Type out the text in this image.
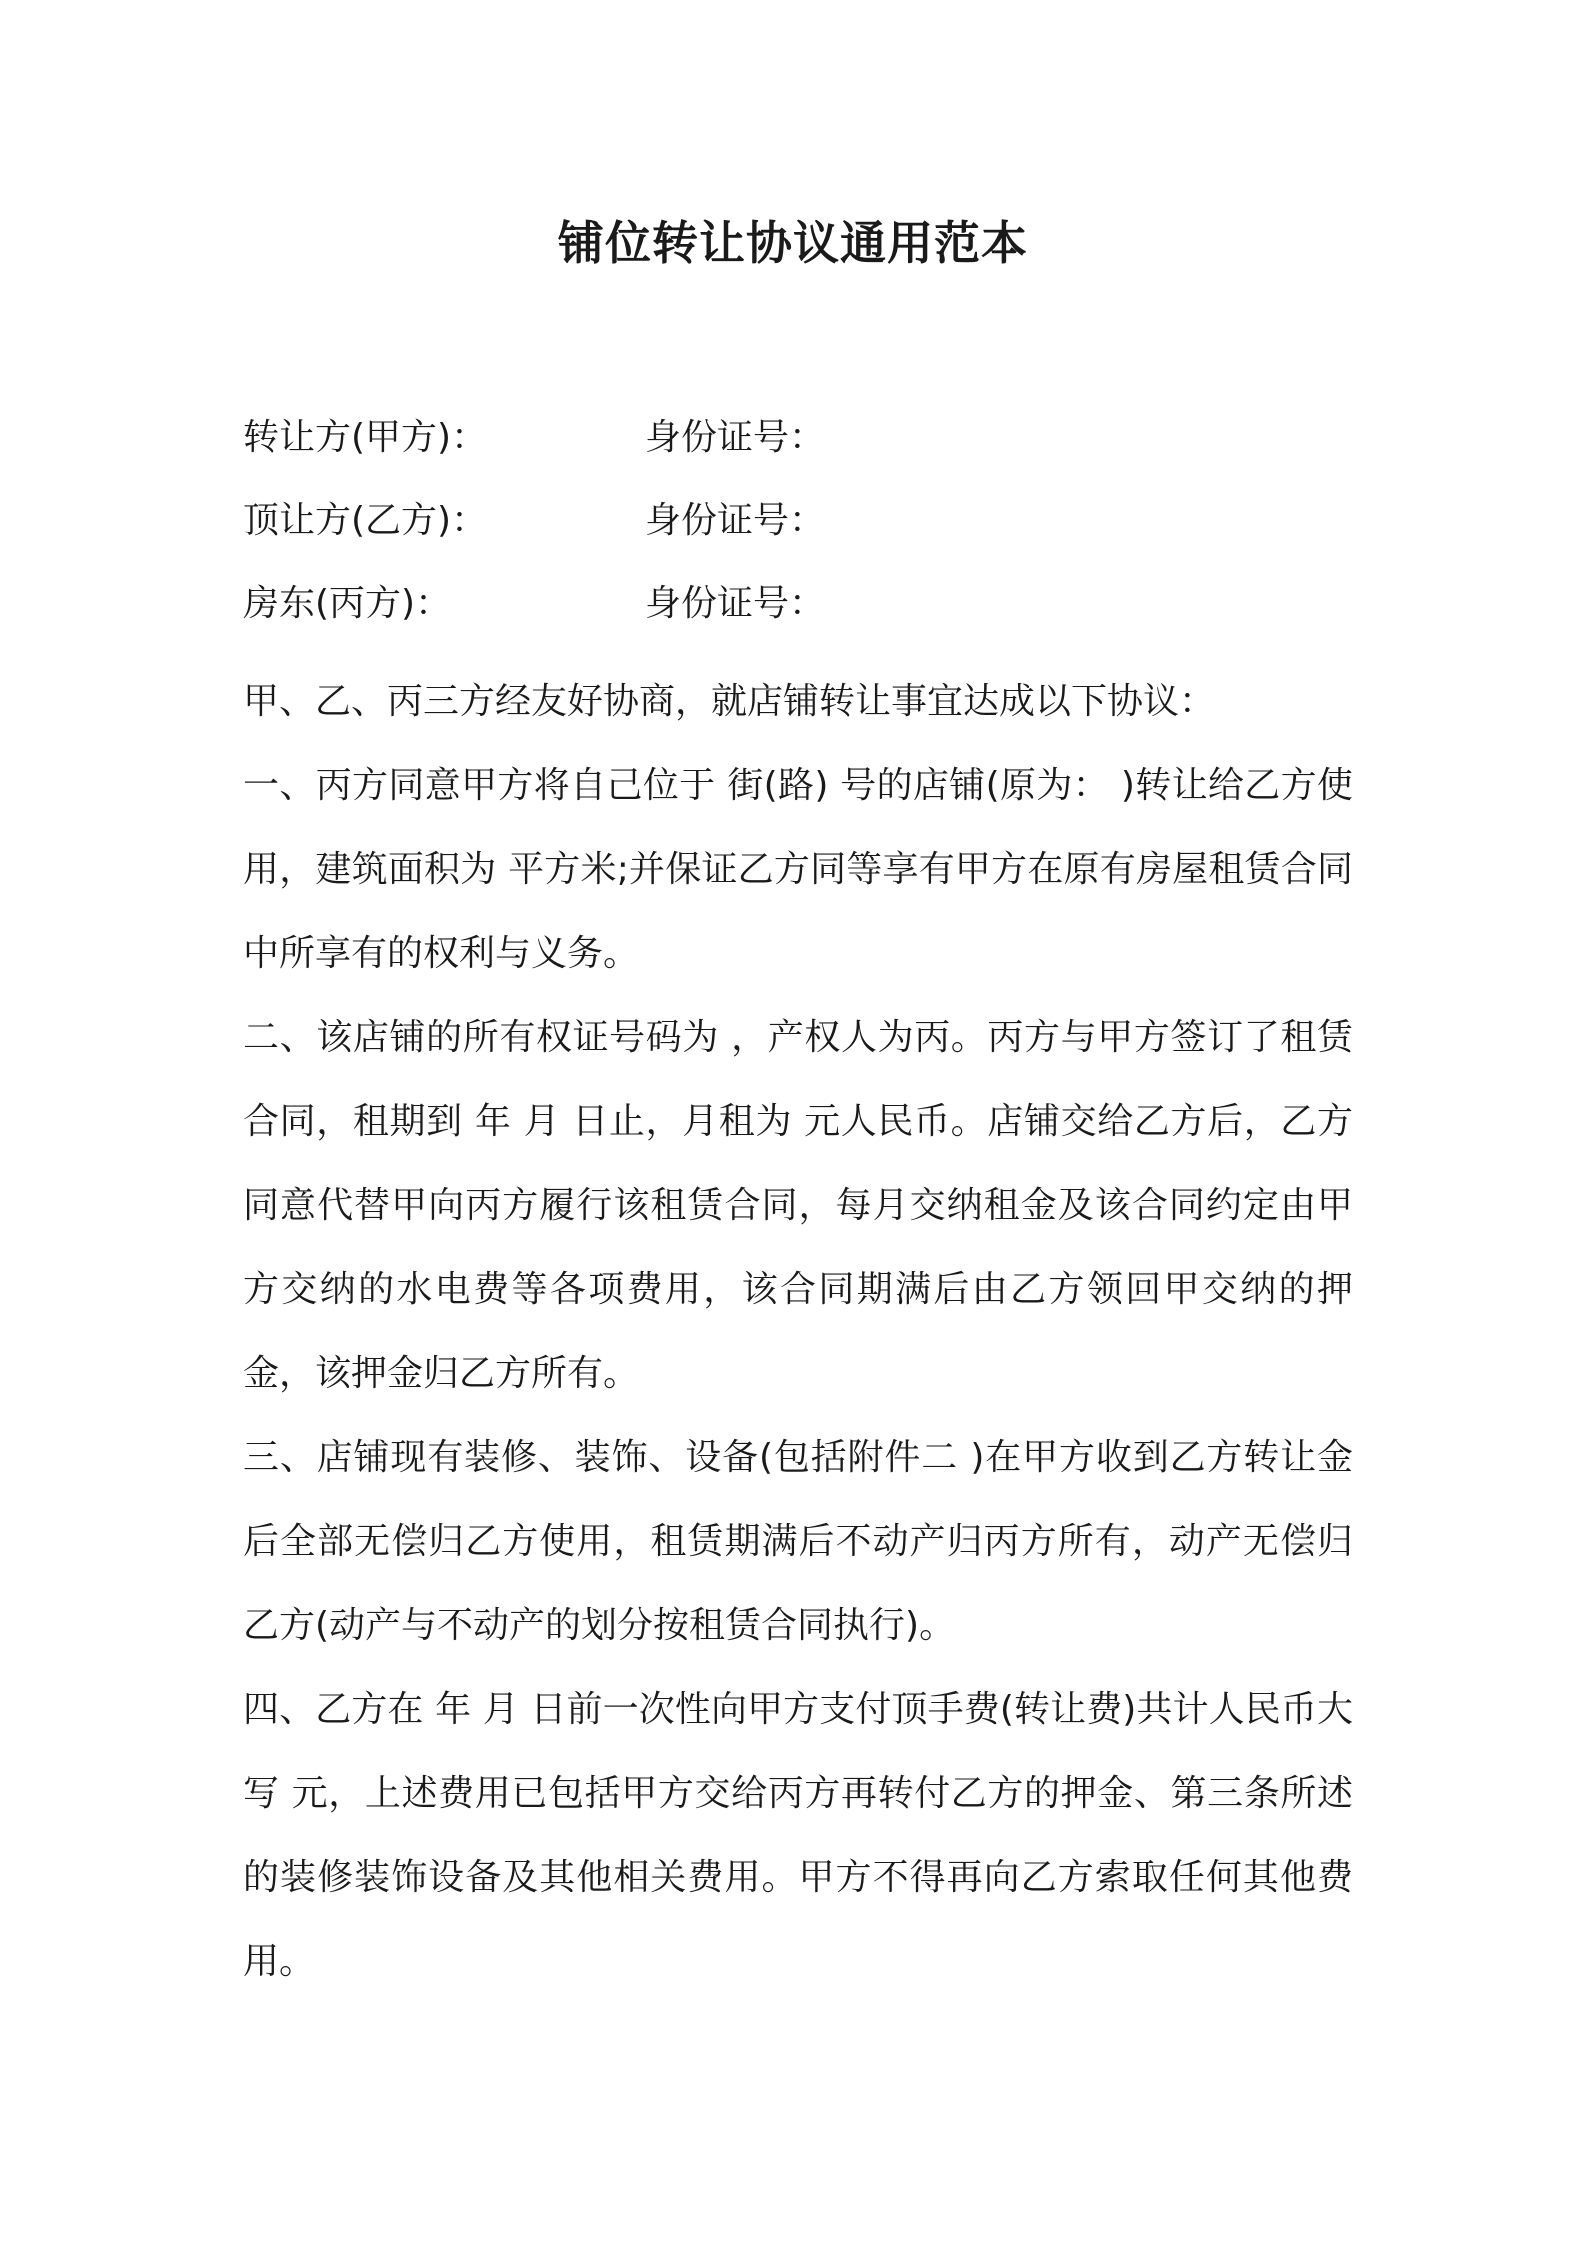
铺位转让协议通用范本
转让方(甲方)：	身份证号：
顶让方(乙方)：	身份证号：
房东(丙方)：	身份证号：

甲、乙、丙三方经友好协商，就店铺转让事宜达成以下协议：

一、丙方同意甲方将自己位于 街(路) 号的店铺(原为： )转让给乙方使用，建筑面积为 平方米;并保证乙方同等享有甲方在原有房屋租赁合同中所享有的权利与义务。

二、该店铺的所有权证号码为 ，产权人为丙。丙方与甲方签订了租赁合同，租期到 年 月 日止，月租为 元人民币。店铺交给乙方后，乙方同意代替甲向丙方履行该租赁合同，每月交纳租金及该合同约定由甲方交纳的水电费等各项费用，该合同期满后由乙方领回甲交纳的押金，该押金归乙方所有。

三、店铺现有装修、装饰、设备(包括附件二 )在甲方收到乙方转让金后全部无偿归乙方使用，租赁期满后不动产归丙方所有，动产无偿归乙方(动产与不动产的划分按租赁合同执行)。

四、乙方在 年 月 日前一次性向甲方支付顶手费(转让费)共计人民币大写 元，上述费用已包括甲方交给丙方再转付乙方的押金、第三条所述的装修装饰设备及其他相关费用。甲方不得再向乙方索取任何其他费用。
